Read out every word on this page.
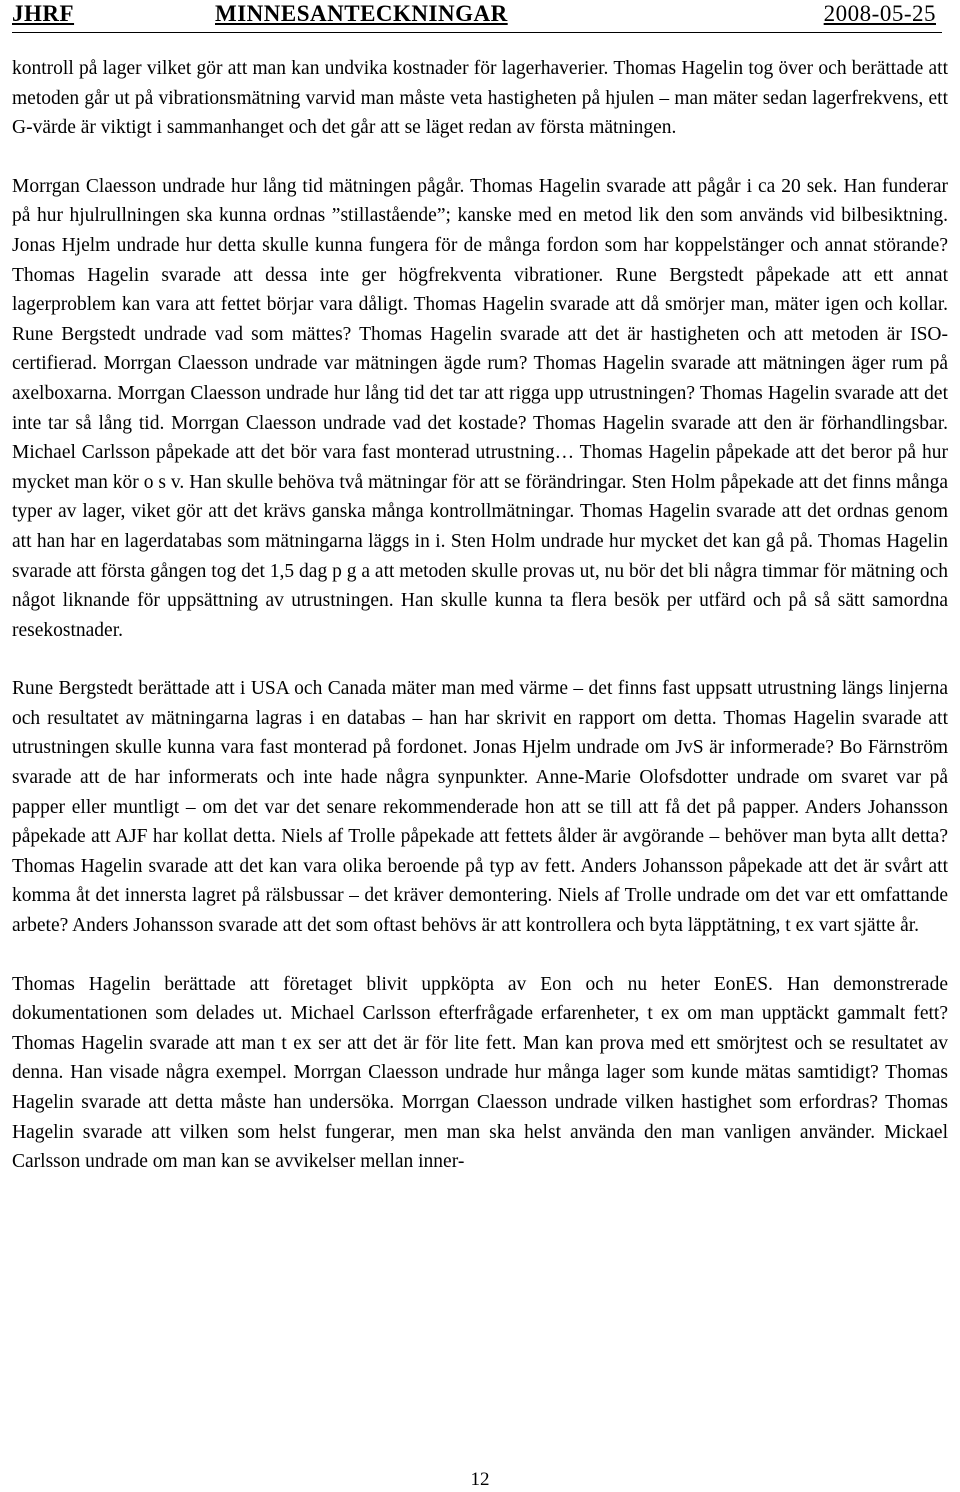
JHRF	MINNESANTECKNINGAR	2008-05-25

kontroll på lager vilket gör att man kan undvika kostnader för lagerhaverier. Thomas Hagelin tog över och berättade att metoden går ut på vibrationsmätning varvid man måste veta hastigheten på hjulen – man mäter sedan lagerfrekvens, ett G-värde är viktigt i sammanhanget och det går att se läget redan av första mätningen.

Morrgan Claesson undrade hur lång tid mätningen pågår. Thomas Hagelin svarade att pågår i ca 20 sek. Han funderar på hur hjulrullningen ska kunna ordnas ”stillastående”; kanske med en metod lik den som används vid bilbesiktning. Jonas Hjelm undrade hur detta skulle kunna fungera för de många fordon som har koppelstänger och annat störande? Thomas Hagelin svarade att dessa inte ger högfrekventa vibrationer. Rune Bergstedt påpekade att ett annat lagerproblem kan vara att fettet börjar vara dåligt. Thomas Hagelin svarade att då smörjer man, mäter igen och kollar. Rune Bergstedt undrade vad som mättes? Thomas Hagelin svarade att det är hastigheten och att metoden är ISO-certifierad. Morrgan Claesson undrade var mätningen ägde rum? Thomas Hagelin svarade att mätningen äger rum på axelboxarna. Morrgan Claesson undrade hur lång tid det tar att rigga upp utrustningen? Thomas Hagelin svarade att det inte tar så lång tid. Morrgan Claesson undrade vad det kostade? Thomas Hagelin svarade att den är förhandlingsbar. Michael Carlsson påpekade att det bör vara fast monterad utrustning… Thomas Hagelin påpekade att det beror på hur mycket man kör o s v. Han skulle behöva två mätningar för att se förändringar. Sten Holm påpekade att det finns många typer av lager, viket gör att det krävs ganska många kontrollmätningar. Thomas Hagelin svarade att det ordnas genom att han har en lagerdatabas som mätningarna läggs in i. Sten Holm undrade hur mycket det kan gå på. Thomas Hagelin svarade att första gången tog det 1,5 dag p g a att metoden skulle provas ut, nu bör det bli några timmar för mätning och något liknande för uppsättning av utrustningen. Han skulle kunna ta flera besök per utfärd och på så sätt samordna resekostnader.

Rune Bergstedt berättade att i USA och Canada mäter man med värme – det finns fast uppsatt utrustning längs linjerna och resultatet av mätningarna lagras i en databas – han har skrivit en rapport om detta. Thomas Hagelin svarade att utrustningen skulle kunna vara fast monterad på fordonet. Jonas Hjelm undrade om JvS är informerade? Bo Färnström svarade att de har informerats och inte hade några synpunkter. Anne-Marie Olofsdotter undrade om svaret var på papper eller muntligt – om det var det senare rekommenderade hon att se till att få det på papper. Anders Johansson påpekade att AJF har kollat detta. Niels af Trolle påpekade att fettets ålder är avgörande – behöver man byta allt detta? Thomas Hagelin svarade att det kan vara olika beroende på typ av fett. Anders Johansson påpekade att det är svårt att komma åt det innersta lagret på rälsbussar – det kräver demontering. Niels af Trolle undrade om det var ett omfattande arbete? Anders Johansson svarade att det som oftast behövs är att kontrollera och byta läpptätning, t ex vart sjätte år.

Thomas Hagelin berättade att företaget blivit uppköpta av Eon och nu heter EonES. Han demonstrerade dokumentationen som delades ut. Michael Carlsson efterfrågade erfarenheter, t ex om man upptäckt gammalt fett? Thomas Hagelin svarade att man t ex ser att det är för lite fett. Man kan prova med ett smörjtest och se resultatet av denna. Han visade några exempel. Morrgan Claesson undrade hur många lager som kunde mätas samtidigt? Thomas Hagelin svarade att detta måste han undersöka. Morrgan Claesson undrade vilken hastighet som erfordras? Thomas Hagelin svarade att vilken som helst fungerar, men man ska helst använda den man vanligen använder. Mickael Carlsson undrade om man kan se avvikelser mellan inner-

12
